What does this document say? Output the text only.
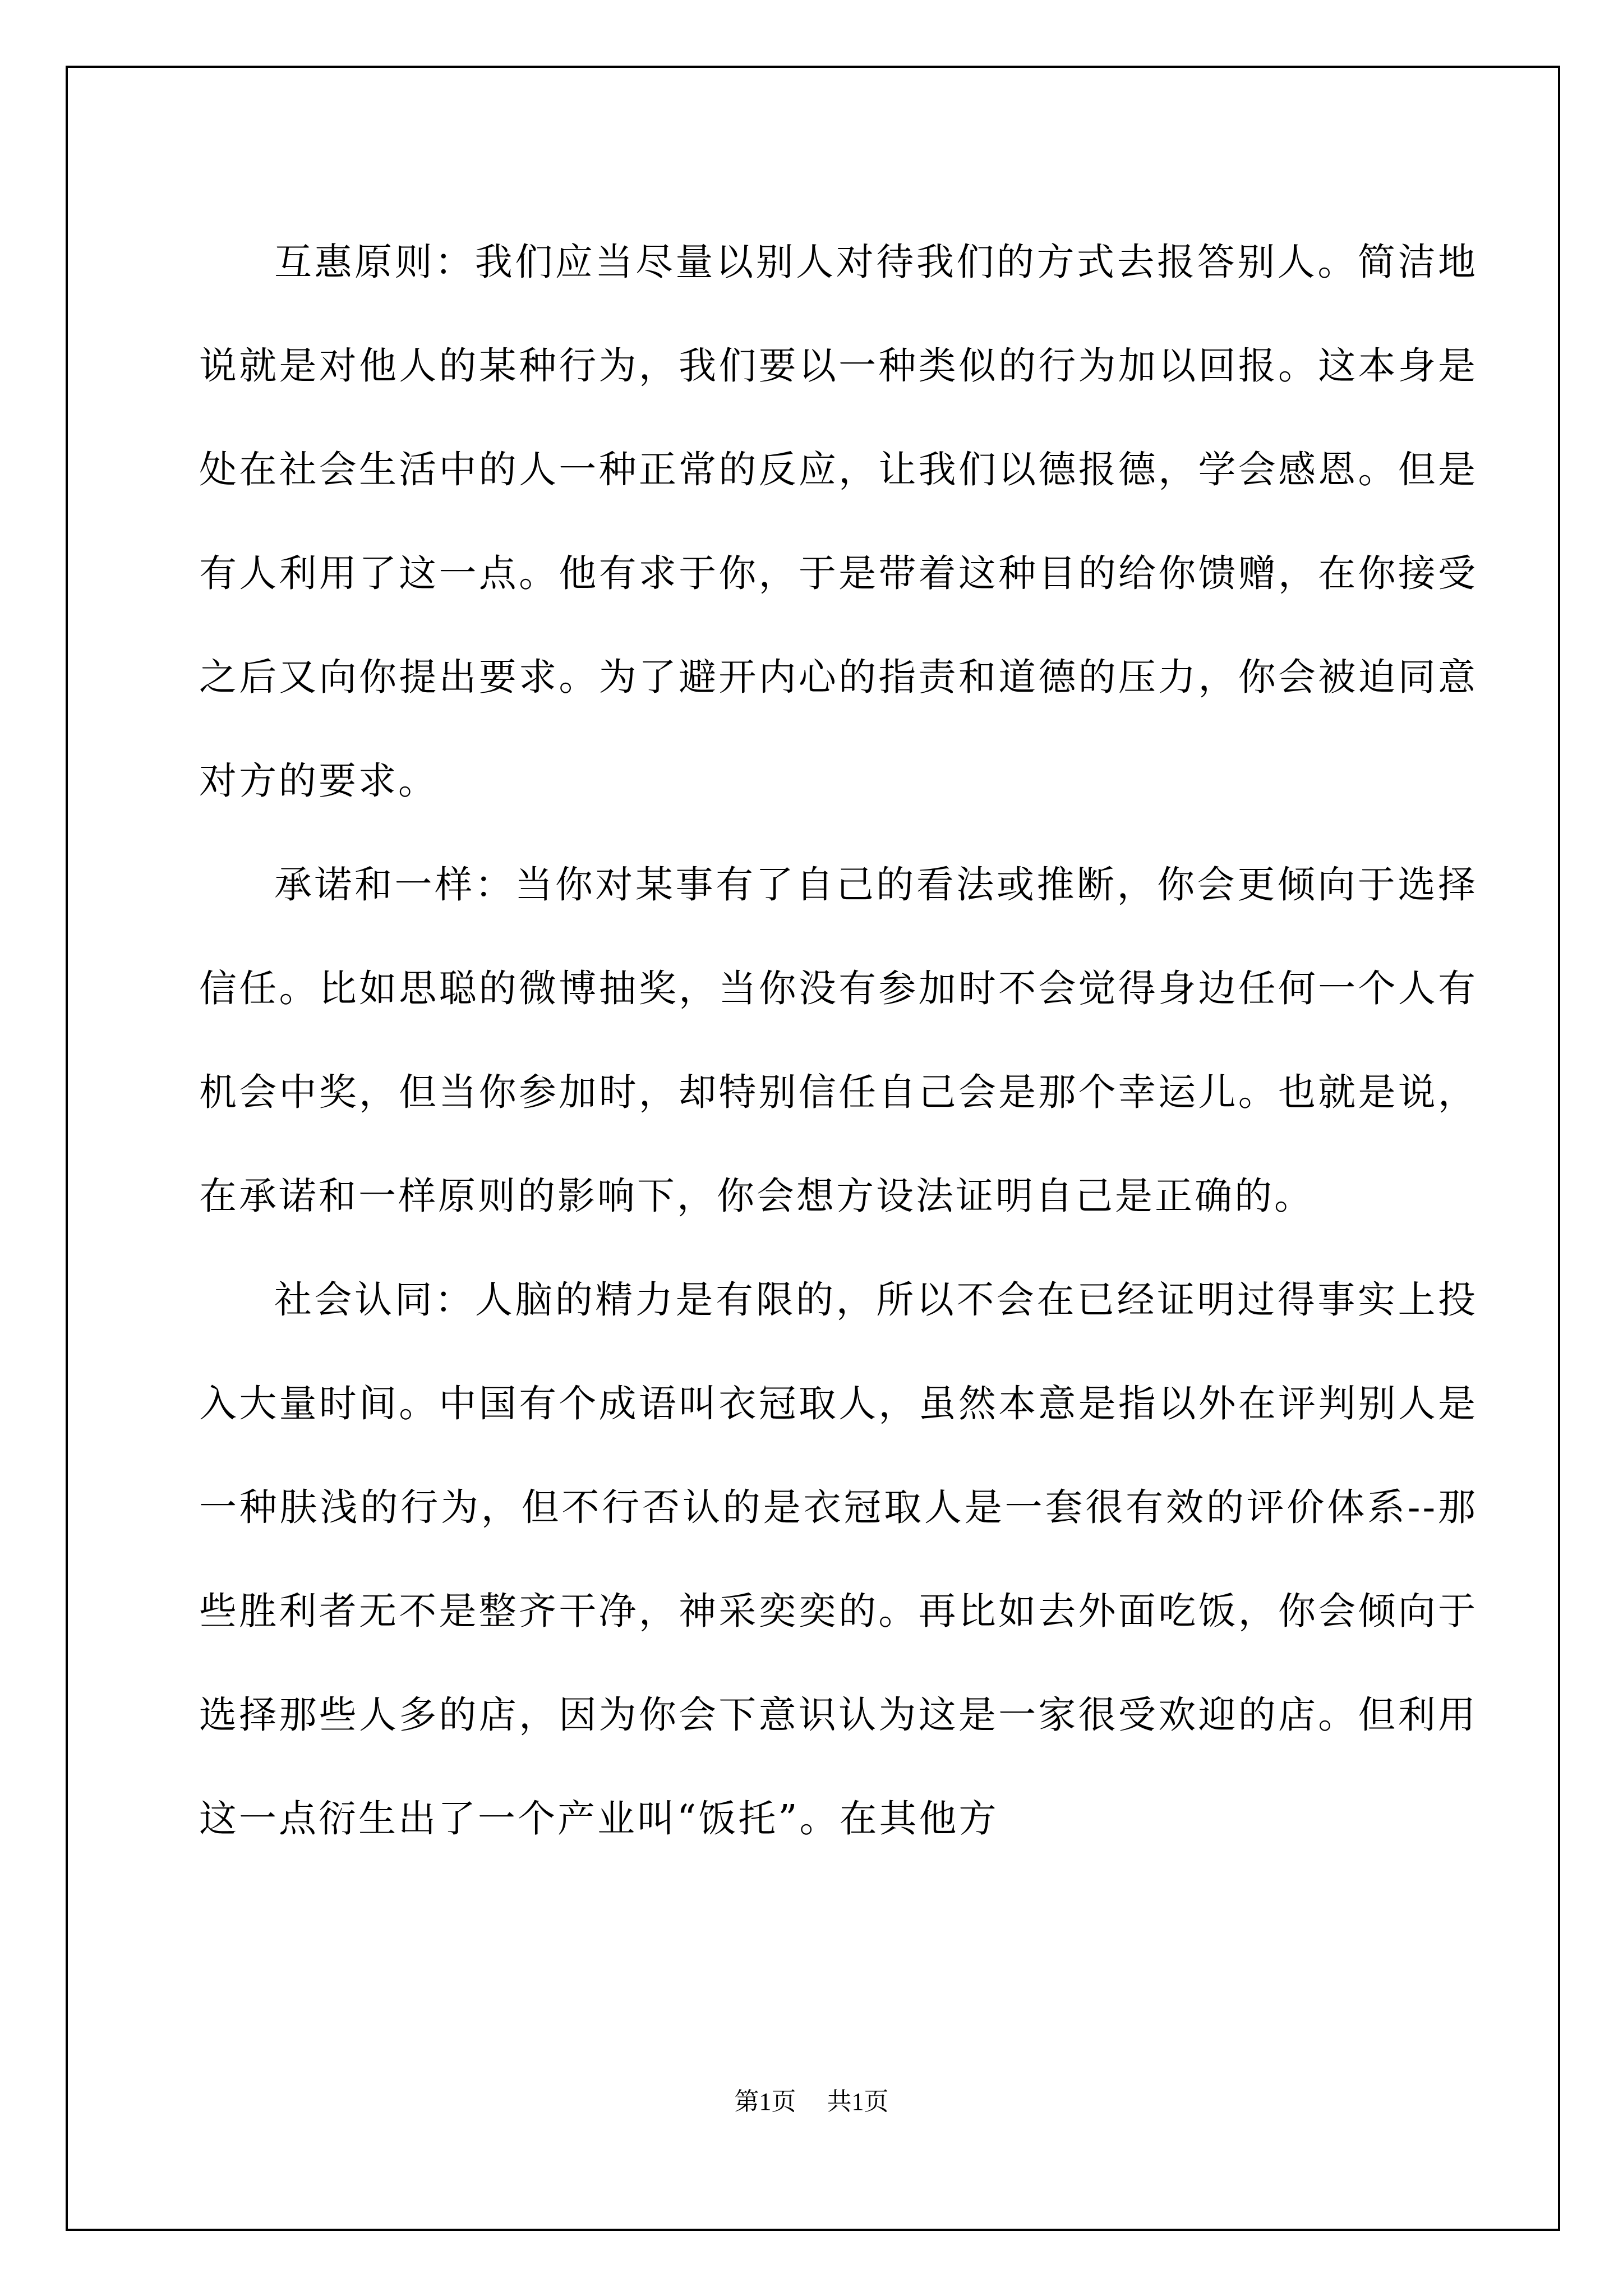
互惠原则：我们应当尽量以别人对待我们的方式去报答别人。简洁地说就是对他人的某种行为，我们要以一种类似的行为加以回报。这本身是处在社会生活中的人一种正常的反应，让我们以德报德，学会感恩。但是有人利用了这一点。他有求于你，于是带着这种目的给你馈赠，在你接受之后又向你提出要求。为了避开内心的指责和道德的压力，你会被迫同意对方的要求。

承诺和一样：当你对某事有了自己的看法或推断，你会更倾向于选择信任。比如思聪的微博抽奖，当你没有参加时不会觉得身边任何一个人有机会中奖，但当你参加时，却特别信任自己会是那个幸运儿。也就是说，在承诺和一样原则的影响下，你会想方设法证明自己是正确的。

社会认同：人脑的精力是有限的，所以不会在已经证明过得事实上投入大量时间。中国有个成语叫衣冠取人，虽然本意是指以外在评判别人是一种肤浅的行为，但不行否认的是衣冠取人是一套很有效的评价体系--那些胜利者无不是整齐干净，神采奕奕的。再比如去外面吃饭，你会倾向于选择那些人多的店，因为你会下意识认为这是一家很受欢迎的店。但利用这一点衍生出了一个产业叫“饭托”。在其他方

第1页 共1页
